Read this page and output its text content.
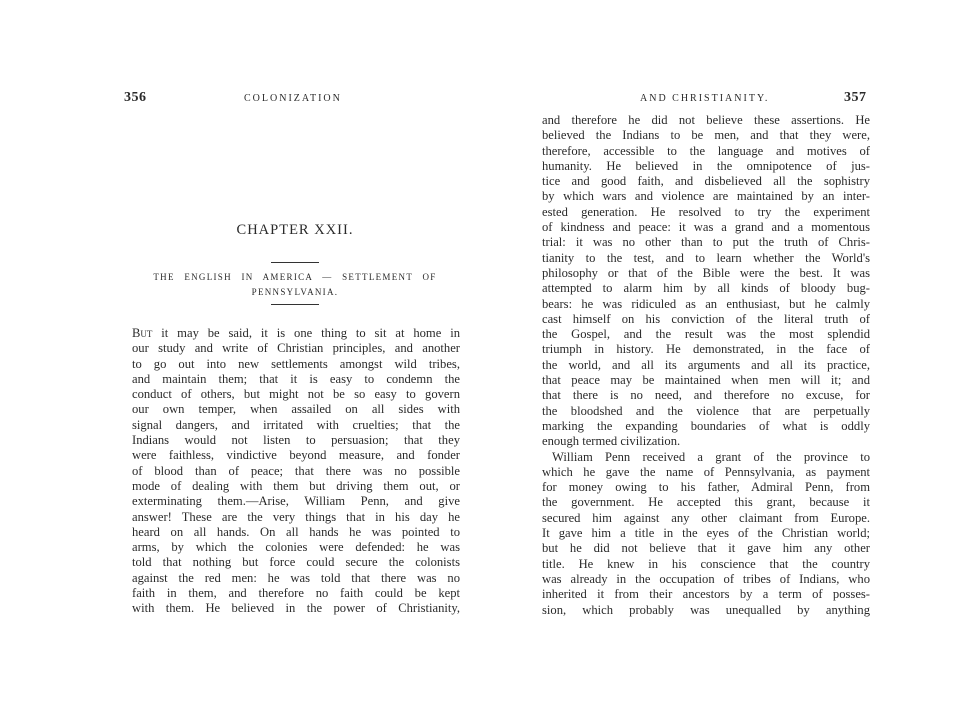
356	COLONIZATION
CHAPTER XXII.
THE ENGLISH IN AMERICA — SETTLEMENT OF
PENNSYLVANIA.
But it may be said, it is one thing to sit at home in
our study and write of Christian principles, and another
to go out into new settlements amongst wild tribes,
and maintain them; that it is easy to condemn the
conduct of others, but might not be so easy to govern
our own temper, when assailed on all sides with
signal dangers, and irritated with cruelties; that the
Indians would not listen to persuasion; that they
were faithless, vindictive beyond measure, and fonder
of blood than of peace; that there was no possible
mode of dealing with them but driving them out, or
exterminating them.—Arise, William Penn, and give
answer! These are the very things that in his day he
heard on all hands. On all hands he was pointed to
arms, by which the colonies were defended: he was
told that nothing but force could secure the colonists
against the red men: he was told that there was no
faith in them, and therefore no faith could be kept
with them. He believed in the power of Christianity,
AND CHRISTIANITY.	357
and therefore he did not believe these assertions. He
believed the Indians to be men, and that they were,
therefore, accessible to the language and motives of
humanity. He believed in the omnipotence of jus-
tice and good faith, and disbelieved all the sophistry
by which wars and violence are maintained by an inter-
ested generation. He resolved to try the experiment
of kindness and peace: it was a grand and a momentous
trial: it was no other than to put the truth of Chris-
tianity to the test, and to learn whether the World's
philosophy or that of the Bible were the best. It was
attempted to alarm him by all kinds of bloody bug-
bears: he was ridiculed as an enthusiast, but he calmly
cast himself on his conviction of the literal truth of
the Gospel, and the result was the most splendid
triumph in history. He demonstrated, in the face of
the world, and all its arguments and all its practice,
that peace may be maintained when men will it; and
that there is no need, and therefore no excuse, for
the bloodshed and the violence that are perpetually
marking the expanding boundaries of what is oddly
enough termed civilization.
William Penn received a grant of the province to
which he gave the name of Pennsylvania, as payment
for money owing to his father, Admiral Penn, from
the government. He accepted this grant, because it
secured him against any other claimant from Europe.
It gave him a title in the eyes of the Christian world;
but he did not believe that it gave him any other
title. He knew in his conscience that the country
was already in the occupation of tribes of Indians, who
inherited it from their ancestors by a term of posses-
sion, which probably was unequalled by anything
